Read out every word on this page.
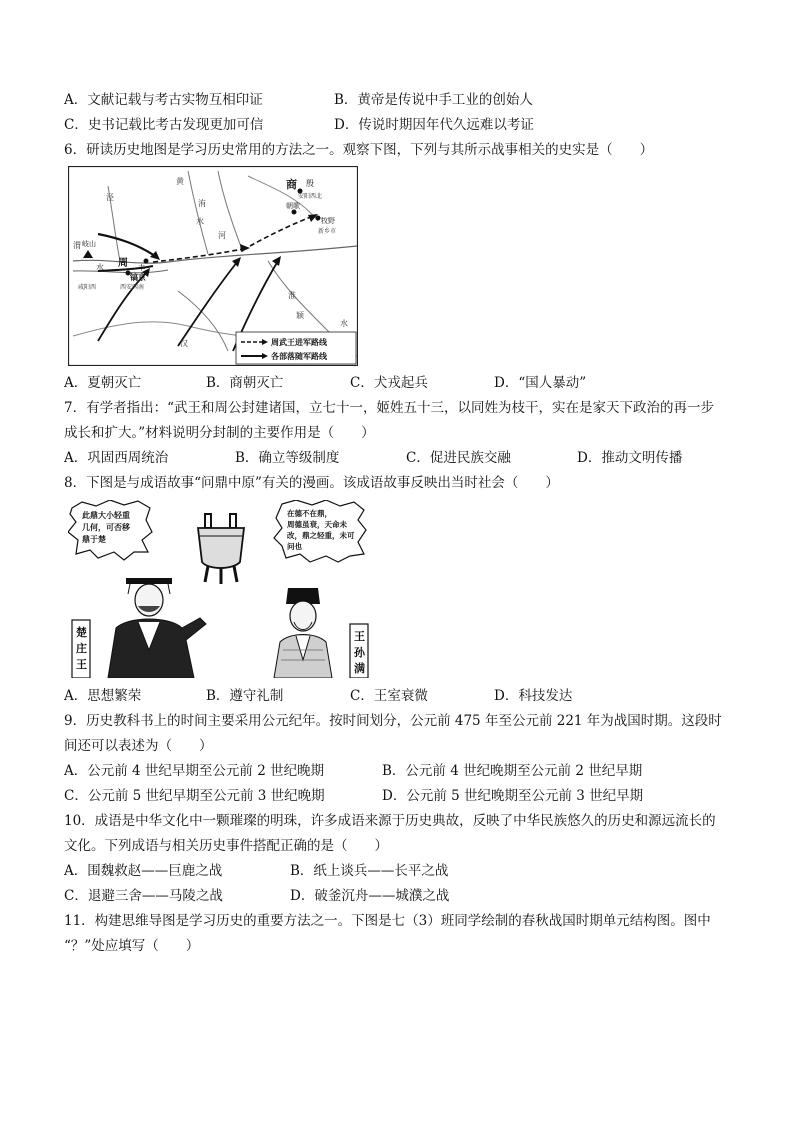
A．文献记载与考古实物互相印证	B．黄帝是传说中手工业的创始人
C．史书记载比考古发现更加可信	D．传说时期因年代久远难以考证
6．研读历史地图是学习历史常用的方法之一。观察下图，下列与其所示战事相关的史实是（　　）
商 殷
安阳西北
朝歌
牧野
新乡市
黄
河
泾
渭
水
岐山
周 丰
镐京
西安西南
咸阳西
汉
淮
颖
水
洧
水
周武王进军路线
各部落随军路线
A．夏朝灭亡	B．商朝灭亡	C．犬戎起兵	D．“国人暴动”
7．有学者指出：“武王和周公封建诸国，立七十一，姬姓五十三，以同姓为枝干，实在是家天下政治的再一步
成长和扩大。”材料说明分封制的主要作用是（　　）
A．巩固西周统治	B．确立等级制度	C．促进民族交融	D．推动文明传播
8．下图是与成语故事“问鼎中原”有关的漫画。该成语故事反映出当时社会（　　）
此鼎大小轻重
几何，可否移
鼎于楚
在德不在鼎，
周德虽衰，天命未
改，鼎之轻重，未可
问也
楚
庄
王
王
孙
满
A．思想繁荣	B．遵守礼制	C．王室衰微	D．科技发达
9．历史教科书上的时间主要采用公元纪年。按时间划分，公元前 475 年至公元前 221 年为战国时期。这段时
间还可以表述为（　　）
A．公元前 4 世纪早期至公元前 2 世纪晚期	B．公元前 4 世纪晚期至公元前 2 世纪早期
C．公元前 5 世纪早期至公元前 3 世纪晚期	D．公元前 5 世纪晚期至公元前 3 世纪早期
10．成语是中华文化中一颗璀璨的明珠，许多成语来源于历史典故，反映了中华民族悠久的历史和源远流长的
文化。下列成语与相关历史事件搭配正确的是（　　）
A．围魏救赵——巨鹿之战	B．纸上谈兵——长平之战
C．退避三舍——马陵之战	D．破釜沉舟——城濮之战
11．构建思维导图是学习历史的重要方法之一。下图是七（3）班同学绘制的春秋战国时期单元结构图。图中
“？”处应填写（　　）
